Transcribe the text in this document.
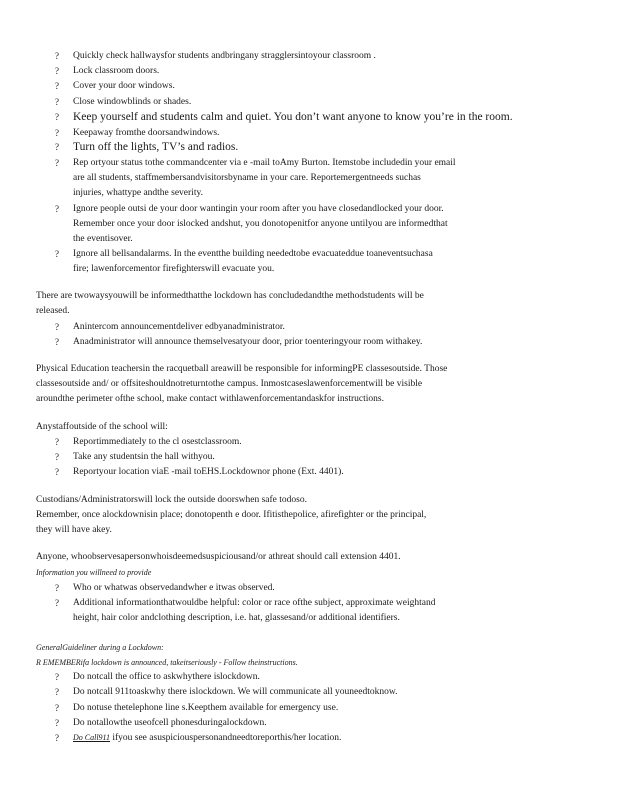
?	Quickly check hallwaysfor students andbringany stragglersintoyour classroom .
?	Lock classroom doors.
?	Cover your door windows.
?	Close windowblinds or shades.
?	Keep yourself and students calm and quiet. You don’t want anyone to know you’re in the room.
?	Keepaway fromthe doorsandwindows.
?	Turn off the lights, TV’s and radios.
?	Rep ortyour status tothe commandcenter via e -mail toAmy Burton. Itemstobe includedin your email
are all students, staffmembersandvisitorsbyname in your care. Reportemergentneeds suchas
injuries, whattype andthe severity.
?	Ignore people outsi de your door wantingin your room after you have closedandlocked your door.
Remember once your door islocked andshut, you donotopenitfor anyone untilyou are informedthat
the eventisover.
?	Ignore all bellsandalarms. In the eventthe building neededtobe evacuateddue toaneventsuchasa
fire; lawenforcementor firefighterswill evacuate you.
There are twowaysyouwill be informedthatthe lockdown has concludedandthe methodstudents will be
released.
?	Anintercom announcementdeliver edbyanadministrator.
?	Anadministrator will announce themselvesatyour door, prior toenteringyour room withakey.
Physical Education teachersin the racquetball areawill be responsible for informingPE classesoutside. Those
classesoutside and/ or offsiteshouldnotreturntothe campus. Inmostcaseslawenforcementwill be visible
aroundthe perimeter ofthe school, make contact withlawenforcementandaskfor instructions.
Anystaffoutside of the school will:
?	Reportimmediately to the cl osestclassroom.
?	Take any studentsin the hall withyou.
?	Reportyour location viaE -mail toEHS.Lockdownor phone (Ext. 4401).
Custodians/Administratorswill lock the outside doorswhen safe todoso.
Remember, once alockdownisin place; donotopenth e door. Ifitisthepolice, afirefighter or the principal,
they will have akey.
Anyone, whoobservesapersonwhoisdeemedsuspiciousand/or athreat should call extension 4401.
Information you willneed to provide
?	Who or whatwas observedandwher e itwas observed.
?	Additional informationthatwouldbe helpful: color or race ofthe subject, approximate weightand
height, hair color andclothing description, i.e. hat, glassesand/or additional identifiers.
GeneralGuideliner during a Lockdown:
R EMEMBERifa lockdown is announced, takeitseriously - Follow theinstructions.
?	Do notcall the office to askwhythere islockdown.
?	Do notcall 911toaskwhy there islockdown. We will communicate all youneedtoknow.
?	Do notuse thetelephone line s.Keepthem available for emergency use.
?	Do notallowthe useofcell phonesduringalockdown.
?	Do Call911 ifyou see asuspiciouspersonandneedtoreporthis/her location.
